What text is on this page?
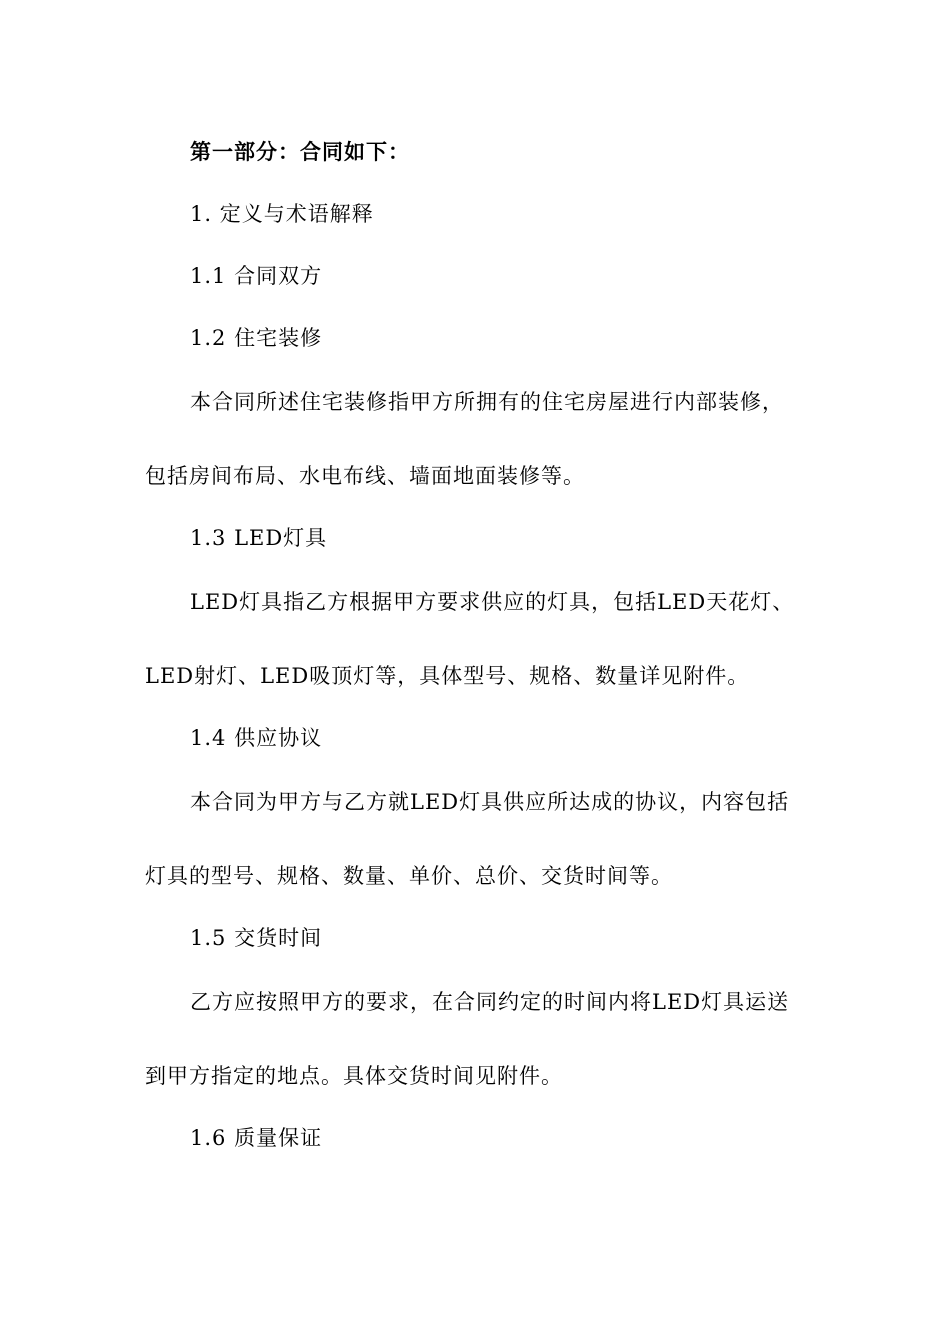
第一部分：合同如下：
1. 定义与术语解释
1.1 合同双方
1.2 住宅装修
本合同所述住宅装修指甲方所拥有的住宅房屋进行内部装修，
包括房间布局、水电布线、墙面地面装修等。
1.3 LED灯具
LED灯具指乙方根据甲方要求供应的灯具，包括LED天花灯、
LED射灯、LED吸顶灯等，具体型号、规格、数量详见附件。
1.4 供应协议
本合同为甲方与乙方就LED灯具供应所达成的协议，内容包括
灯具的型号、规格、数量、单价、总价、交货时间等。
1.5 交货时间
乙方应按照甲方的要求，在合同约定的时间内将LED灯具运送
到甲方指定的地点。具体交货时间见附件。
1.6 质量保证
